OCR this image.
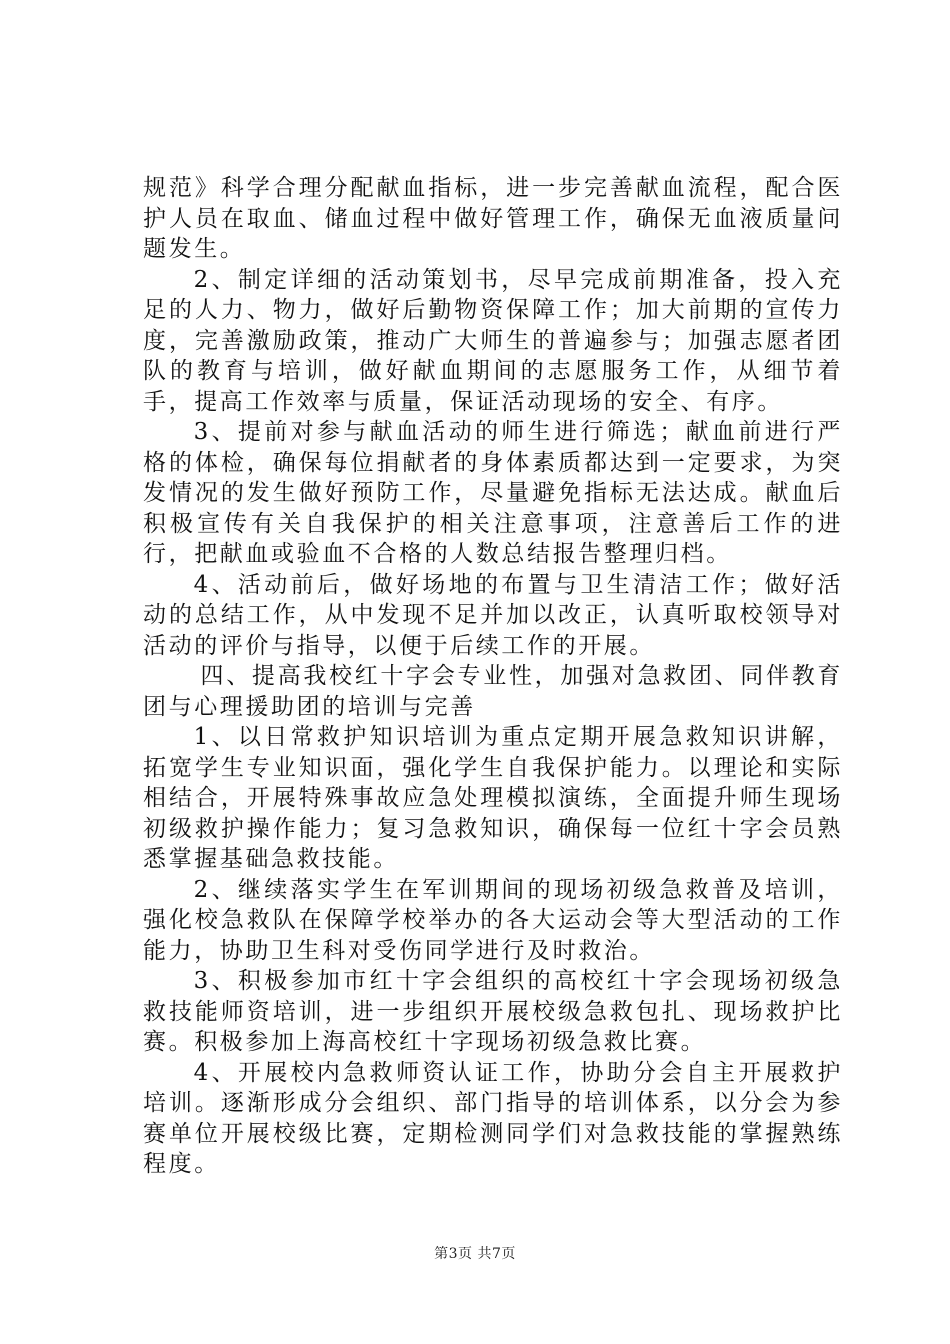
规范》科学合理分配献血指标，进一步完善献血流程，配合医护人员在取血、储血过程中做好管理工作，确保无血液质量问题发生。

2、制定详细的活动策划书，尽早完成前期准备，投入充足的人力、物力，做好后勤物资保障工作；加大前期的宣传力度，完善激励政策，推动广大师生的普遍参与；加强志愿者团队的教育与培训，做好献血期间的志愿服务工作，从细节着手，提高工作效率与质量，保证活动现场的安全、有序。

3、提前对参与献血活动的师生进行筛选；献血前进行严格的体检，确保每位捐献者的身体素质都达到一定要求，为突发情况的发生做好预防工作，尽量避免指标无法达成。献血后积极宣传有关自我保护的相关注意事项，注意善后工作的进行，把献血或验血不合格的人数总结报告整理归档。

4、活动前后，做好场地的布置与卫生清洁工作；做好活动的总结工作，从中发现不足并加以改正，认真听取校领导对活动的评价与指导，以便于后续工作的开展。

四、提高我校红十字会专业性，加强对急救团、同伴教育团与心理援助团的培训与完善

1、以日常救护知识培训为重点定期开展急救知识讲解，拓宽学生专业知识面，强化学生自我保护能力。以理论和实际相结合，开展特殊事故应急处理模拟演练，全面提升师生现场初级救护操作能力；复习急救知识，确保每一位红十字会员熟悉掌握基础急救技能。

2、继续落实学生在军训期间的现场初级急救普及培训，强化校急救队在保障学校举办的各大运动会等大型活动的工作能力，协助卫生科对受伤同学进行及时救治。

3、积极参加市红十字会组织的高校红十字会现场初级急救技能师资培训，进一步组织开展校级急救包扎、现场救护比赛。积极参加上海高校红十字现场初级急救比赛。

4、开展校内急救师资认证工作，协助分会自主开展救护培训。逐渐形成分会组织、部门指导的培训体系，以分会为参赛单位开展校级比赛，定期检测同学们对急救技能的掌握熟练程度。

第3页 共7页
